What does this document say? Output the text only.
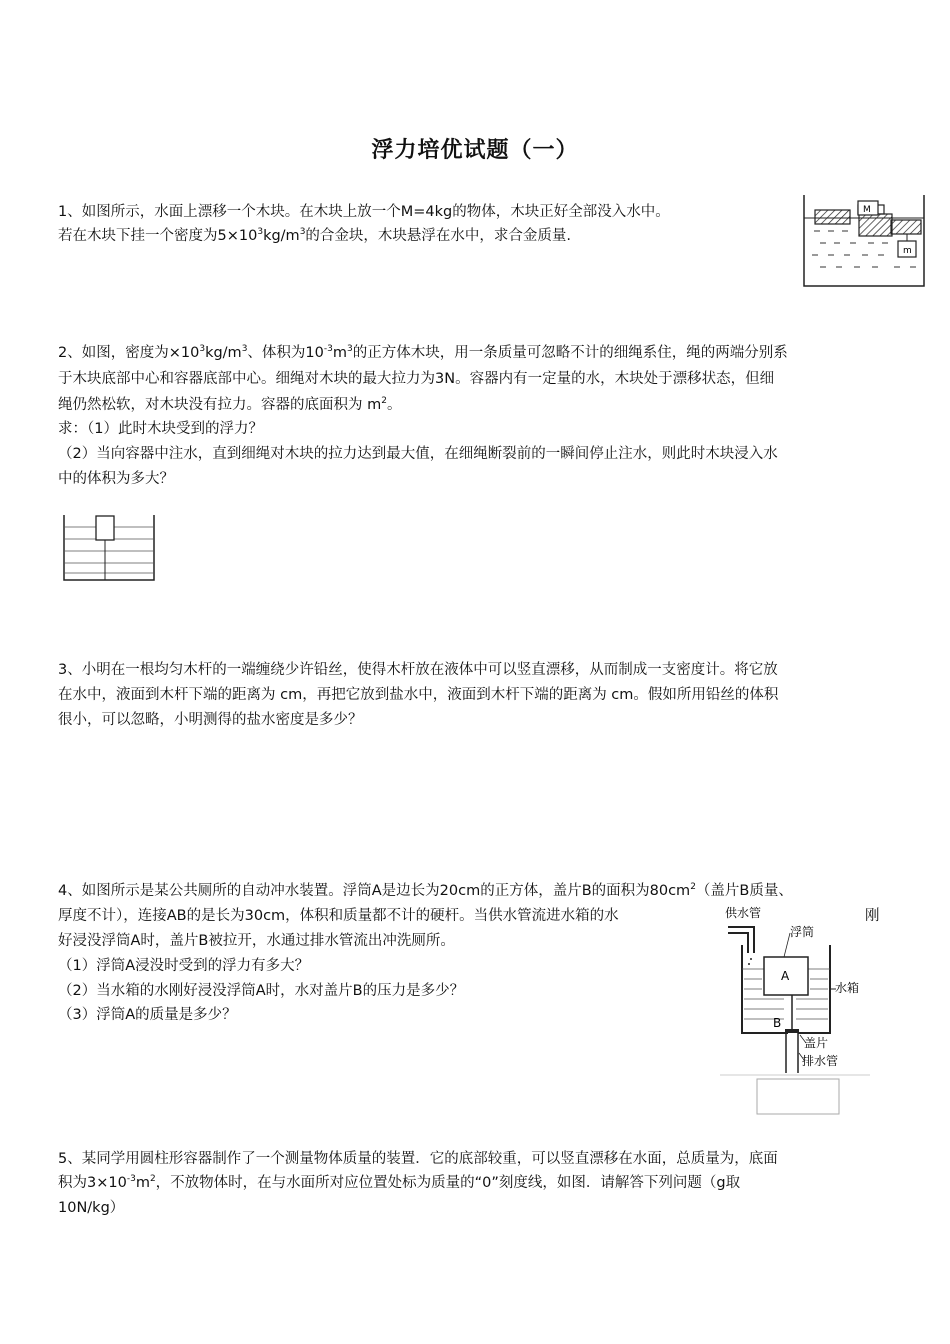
浮力培优试题（一）
1、如图所示，水面上漂移一个木块。在木块上放一个M=4kg的物体，木块正好全部没入水中。
若在木块下挂一个密度为$5\times 10^3kg/m^3$的合金块，木块悬浮在水中，求合金质量.
M
m
2、如图，密度为$\times 10^3kg/m^3$、体积为$10^{-3}m^3$的正方体木块，用一条质量可忽略不计的细绳系住，绳的两端分别系
于木块底部中心和容器底部中心。细绳对木块的最大拉力为3N。容器内有一定量的水，木块处于漂移状态，但细
绳仍然松软，对木块没有拉力。容器的底面积为 $m^2$。
求：（1）此时木块受到的浮力？
（2）当向容器中注水，直到细绳对木块的拉力达到最大值，在细绳断裂前的一瞬间停止注水，则此时木块浸入水
中的体积为多大？
3、小明在一根均匀木杆的一端缠绕少许铅丝，使得木杆放在液体中可以竖直漂移，从而制成一支密度计。将它放
在水中，液面到木杆下端的距离为 cm，再把它放到盐水中，液面到木杆下端的距离为 cm。假如所用铅丝的体积
很小，可以忽略，小明测得的盐水密度是多少？
4、如图所示是某公共厕所的自动冲水装置。浮筒A是边长为20cm的正方体，盖片B的面积为$80cm^2$（盖片B质量、
厚度不计），连接AB的是长为30cm，体积和质量都不计的硬杆。当供水管流进水箱的水	刚
好浸没浮筒A时，盖片B被拉开，水通过排水管流出冲洗厕所。
（1）浮筒A浸没时受到的浮力有多大？
（2）当水箱的水刚好浸没浮筒A时，水对盖片B的压力是多少？
（3）浮筒A的质量是多少？
供水管
浮筒
水箱
盖片
排水管
A
B
5、某同学用圆柱形容器制作了一个测量物体质量的装置．它的底部较重，可以竖直漂移在水面，总质量为，底面
积为$3\times 10^{-3}m^2$，不放物体时，在与水面所对应位置处标为质量的“0”刻度线，如图．请解答下列问题（g取
10N/kg）
